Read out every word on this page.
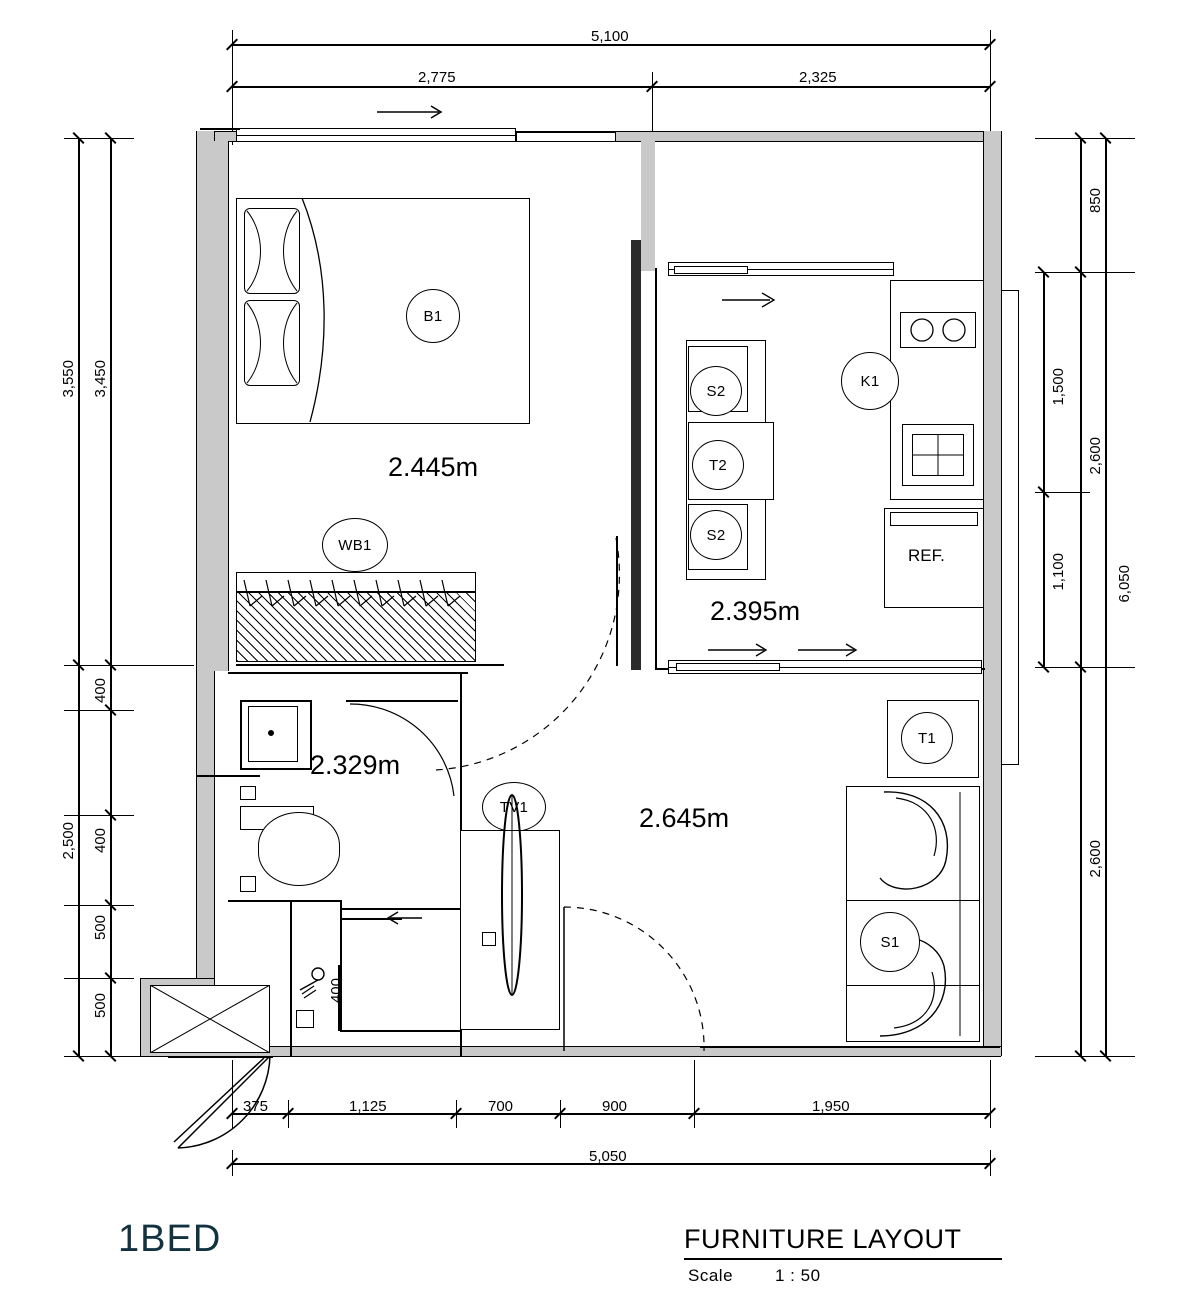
5,100
2,775	2,325
3,550 3,450
400
2,500 400
500
500
850
1,500
2,600
1,100	6,050
2,600
375	1,125	700	900	1,950
5,050
B1
2.445m
WB1
2.329m
400
TV1	2.645m
T1
S1
S2
T2
S2
2.395m
K1
REF.
1BED	FURNITURE LAYOUT
Scale 1 : 50
